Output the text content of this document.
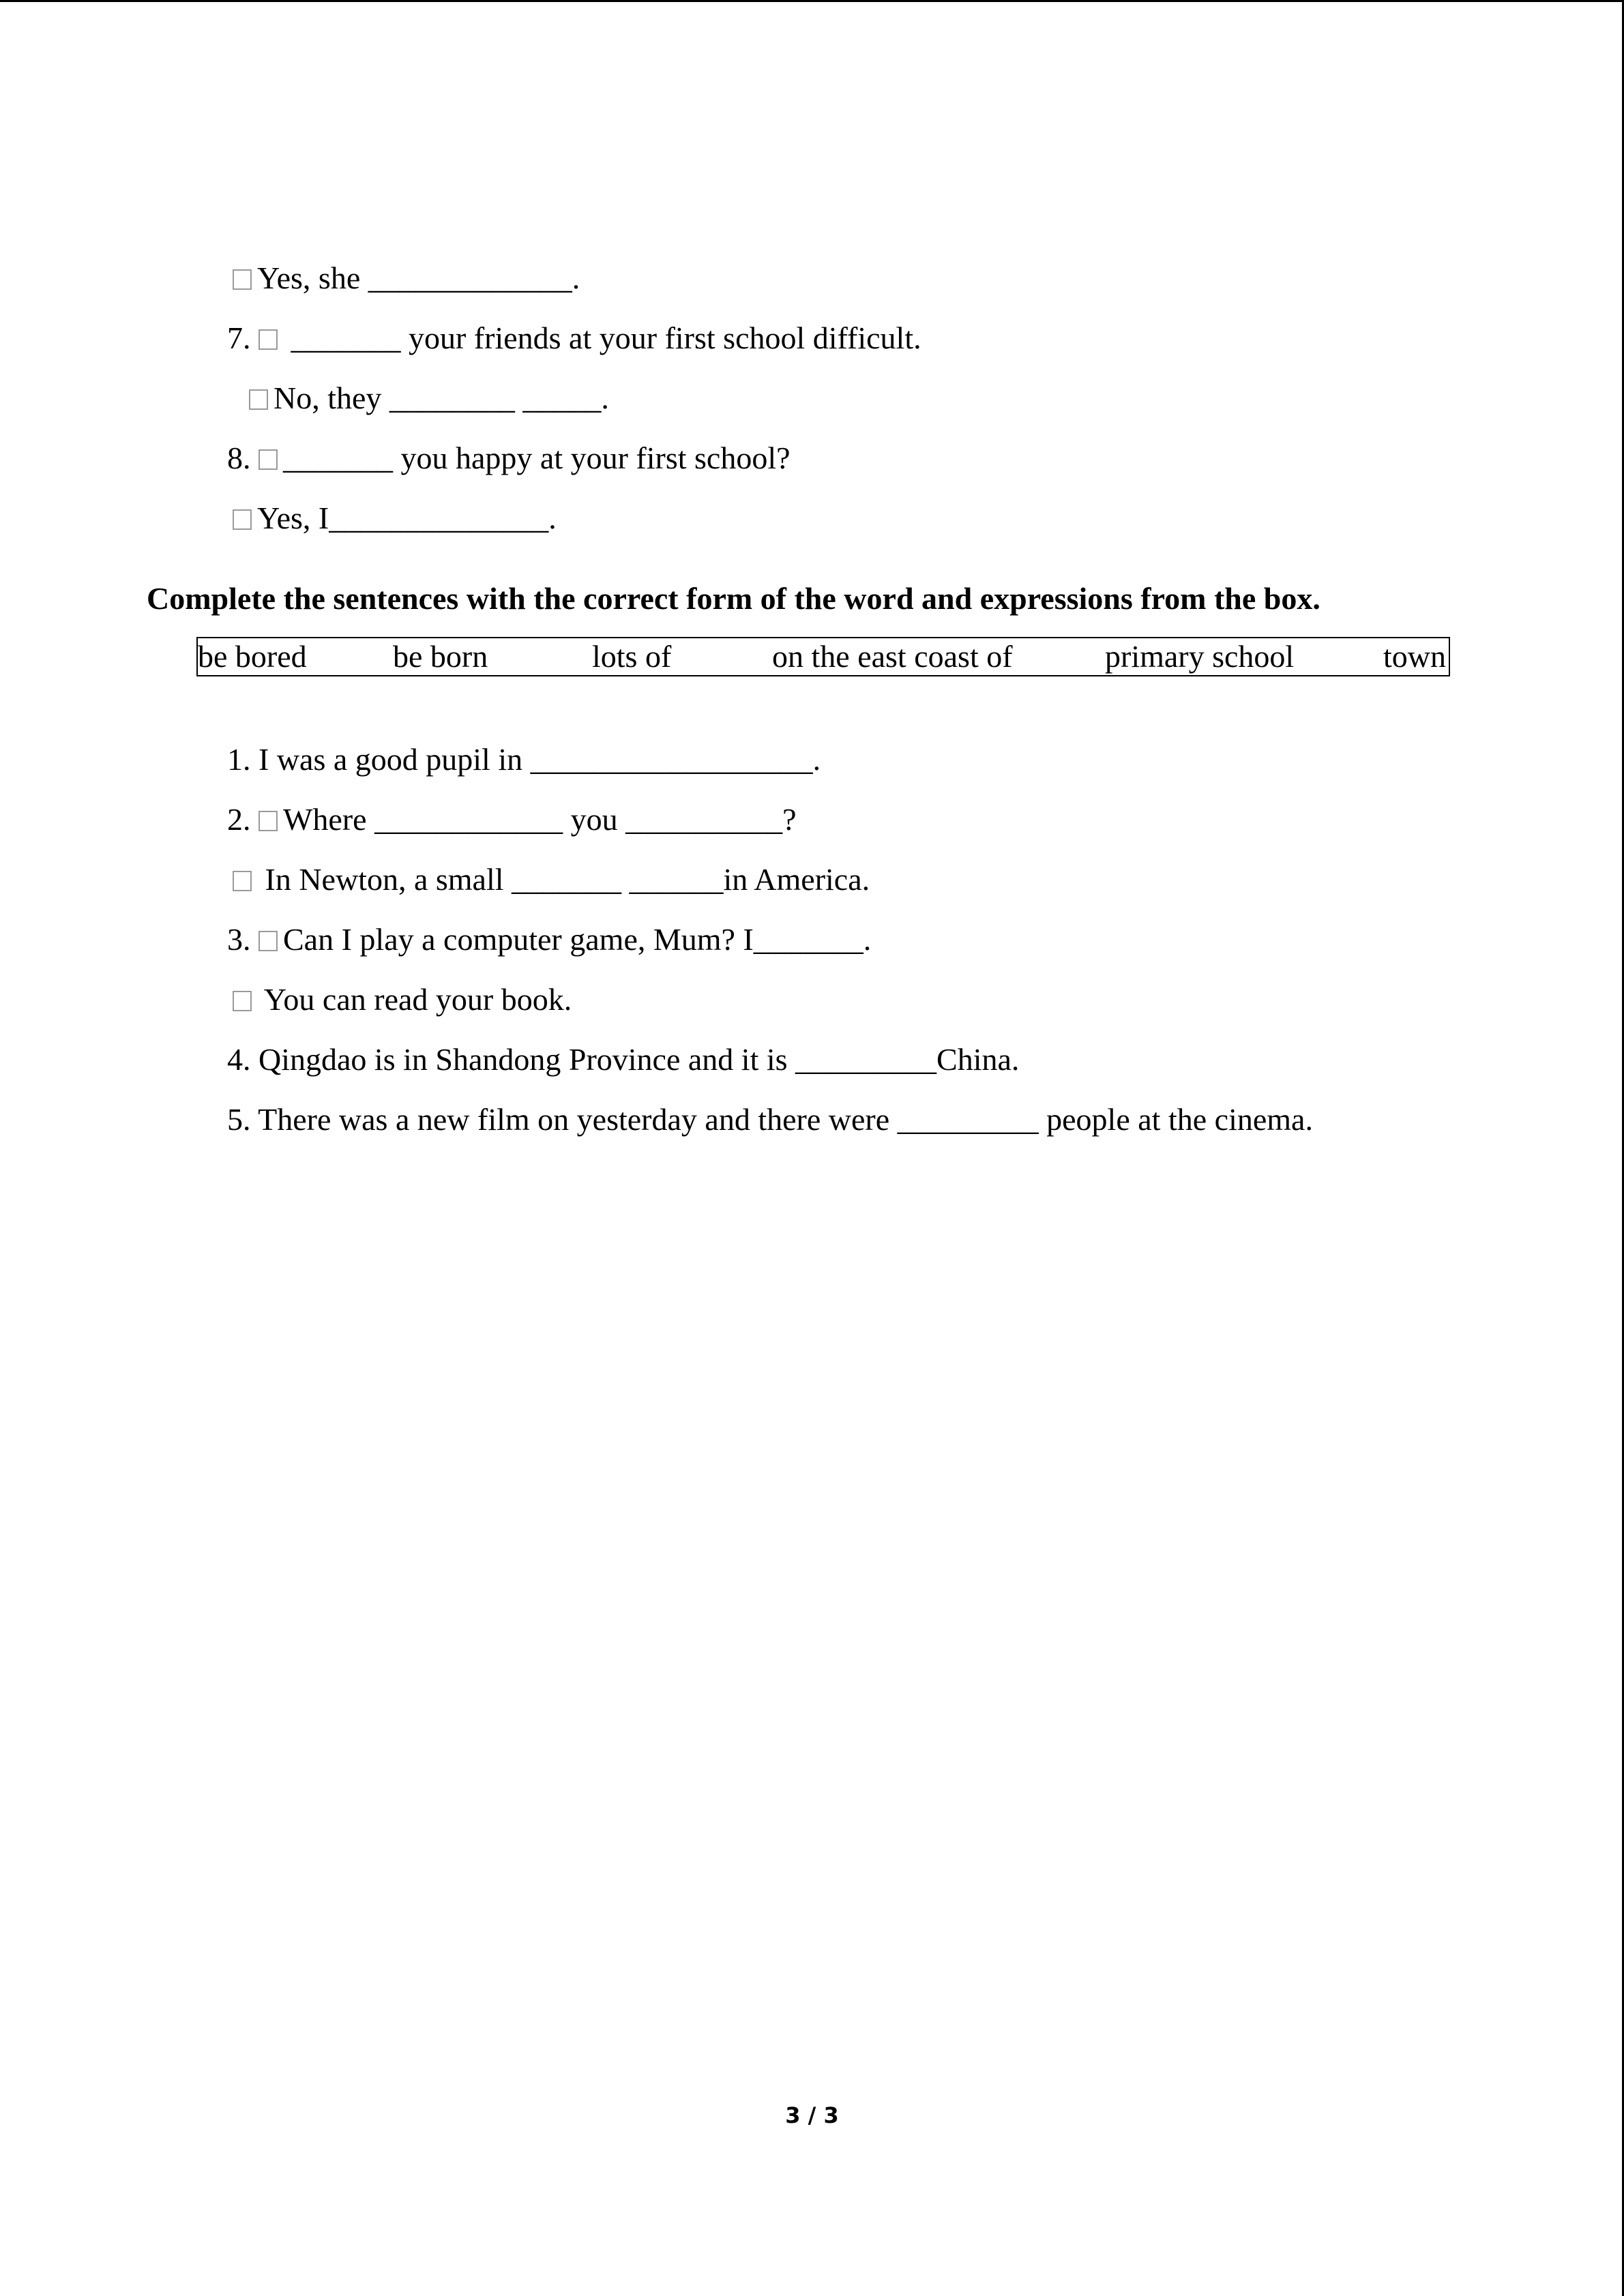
Yes, she _____________.

7. _______ your friends at your first school difficult.

No, they ________ _____.

8. _______ you happy at your first school?

Yes, I______________.

Complete the sentences with the correct form of the word and expressions from the box.
be bored	be born	lots of	on the east coast of	primary school	town

1. I was a good pupil in __________________.

2. Where ____________ you __________?

In Newton, a small _______ ______in America.

3. Can I play a computer game, Mum? I_______.

You can read your book.

4. Qingdao is in Shandong Province and it is _________China.

5. There was a new film on yesterday and there were _________ people at the cinema.

3 / 3
